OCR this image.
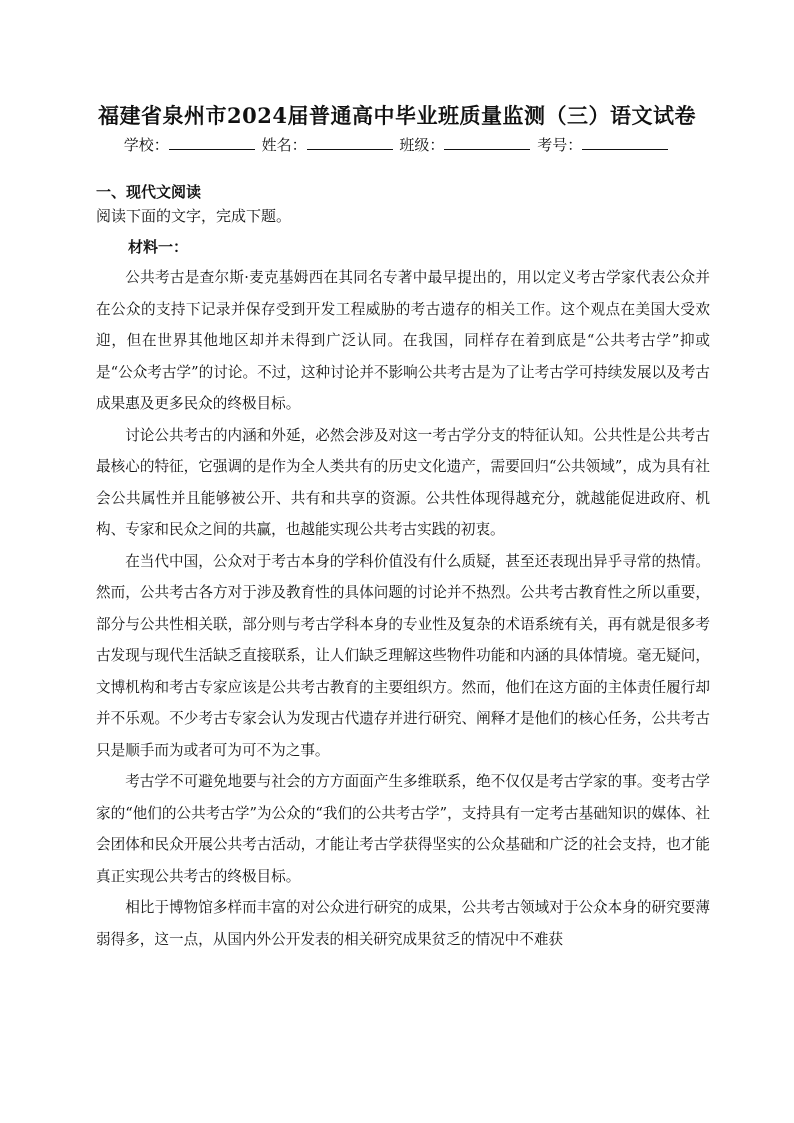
福建省泉州市2024届普通高中毕业班质量监测（三）语文试卷
学校：	姓名：	班级：	考号：
一、现代文阅读
阅读下面的文字，完成下题。
材料一：

公共考古是查尔斯·麦克基姆西在其同名专著中最早提出的，用以定义考古学家代表公众并在公众的支持下记录并保存受到开发工程威胁的考古遗存的相关工作。这个观点在美国大受欢迎，但在世界其他地区却并未得到广泛认同。在我国，同样存在着到底是“公共考古学”抑或是“公众考古学”的讨论。不过，这种讨论并不影响公共考古是为了让考古学可持续发展以及考古成果惠及更多民众的终极目标。

讨论公共考古的内涵和外延，必然会涉及对这一考古学分支的特征认知。公共性是公共考古最核心的特征，它强调的是作为全人类共有的历史文化遗产，需要回归“公共领域”，成为具有社会公共属性并且能够被公开、共有和共享的资源。公共性体现得越充分，就越能促进政府、机构、专家和民众之间的共赢，也越能实现公共考古实践的初衷。

在当代中国，公众对于考古本身的学科价值没有什么质疑，甚至还表现出异乎寻常的热情。然而，公共考古各方对于涉及教育性的具体问题的讨论并不热烈。公共考古教育性之所以重要，部分与公共性相关联，部分则与考古学科本身的专业性及复杂的术语系统有关，再有就是很多考古发现与现代生活缺乏直接联系，让人们缺乏理解这些物件功能和内涵的具体情境。毫无疑问，文博机构和考古专家应该是公共考古教育的主要组织方。然而，他们在这方面的主体责任履行却并不乐观。不少考古专家会认为发现古代遗存并进行研究、阐释才是他们的核心任务，公共考古只是顺手而为或者可为可不为之事。

考古学不可避免地要与社会的方方面面产生多维联系，绝不仅仅是考古学家的事。变考古学家的“他们的公共考古学”为公众的“我们的公共考古学”，支持具有一定考古基础知识的媒体、社会团体和民众开展公共考古活动，才能让考古学获得坚实的公众基础和广泛的社会支持，也才能真正实现公共考古的终极目标。

相比于博物馆多样而丰富的对公众进行研究的成果，公共考古领域对于公众本身的研究要薄弱得多，这一点，从国内外公开发表的相关研究成果贫乏的情况中不难获
